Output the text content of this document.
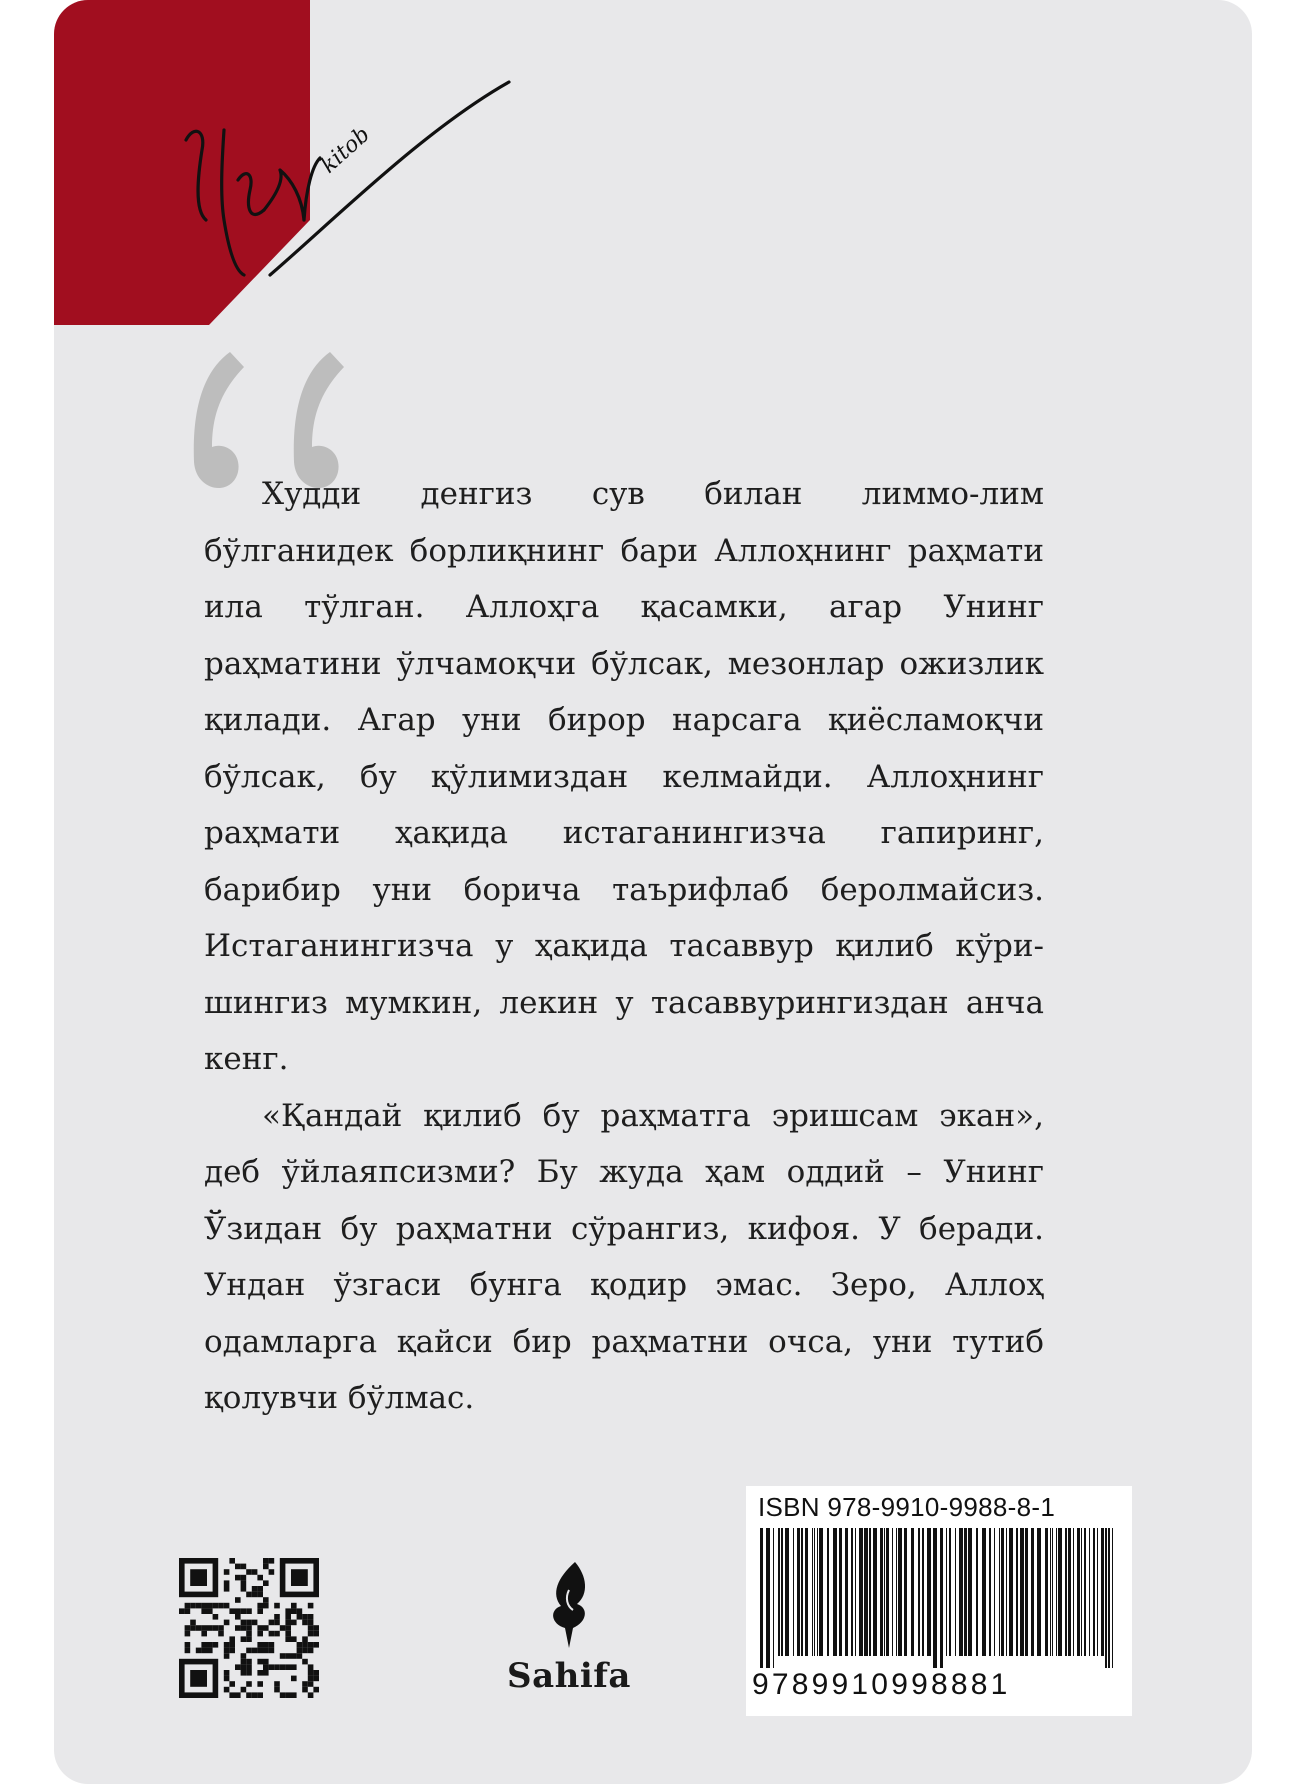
kitob

Худди денгиз сув билан лиммо-лим бўлганидек борлиқнинг бари Аллоҳнинг раҳмати ила тўлган. Аллоҳга қасамки, агар Унинг раҳматини ўлчамоқчи бўлсак, мезонлар ожизлик қилади. Агар уни бирор нарсага қиёсламоқчи бўлсак, бу қўлимиздан келмайди. Аллоҳнинг раҳмати ҳақида истаганингизча гапиринг, барибир уни боричa таърифлаб беролмайсиз. Истаганингизча у ҳақида тасаввур қилиб кўришингиз мумкин, лекин у тасаввурингиздан анча кенг.

«Қандай қилиб бу раҳматга эришсам экан», деб ўйлаяпсизми? Бу жуда ҳам оддий – Унинг Ўзидан бу раҳматни сўрангиз, кифоя. У беради. Ундан ўзгаси бунга қодир эмас. Зеро, Аллоҳ одамларга қайси бир раҳматни очса, уни тутиб қолувчи бўлмас.

Sahifa
ISBN 978-9910-9988-8-1
9789910998881
